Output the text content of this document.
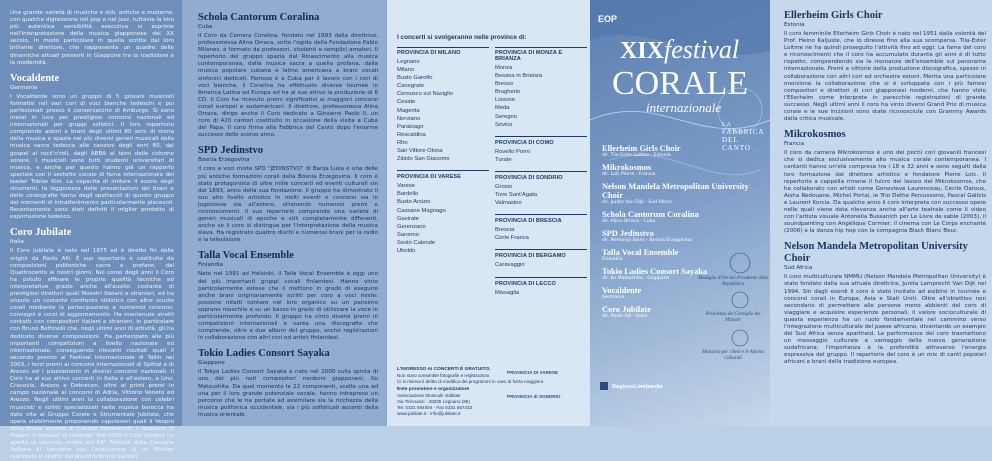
Una grande varietà di musiche e stili, antiche e moderne, con qualche digressione nel pop e nel jazz, tuttavia la loro più autentica sensibilità esecutiva si esprime nell'interpretazione della musica giapponese del XX secolo, in modo particolare in quella scritta dal loro brillante direttore, che rappresenta un quadro delle dinamiche attuali presenti in Giappone tra la tradizione e la modernità.

Vocaldente
Germania

I Vocaldente sono un gruppo di 5 giovani musicisti formatisi nel vari cori di voci bianche tedeschi e poi perfezionati presso il conservatorio di Amburgo. Si sono messi in luce per prestigiosi concorsi nazionali ed internazionali per gruppi solistici. Il loro repertorio comprende autori e brani degli ultimi 80 anni di storia della musica e spazia nei più diversi generi musicali dalla musica sacra tedesca alle canzoni degli anni 80, dal gospel al rock'n'roll, dagli ABBA ai temi delle colonne sonore. I musicisti sono tutti studenti universitari di musica, e anche per questo hanno già un rapporto speciale con il sestetto vocale di fama internazionale dei leader Tobias Kiel. La capacità di imitare il suono degli strumenti, la leggerezza delle presentazioni dei brani e delle coreografie fanno degli spettacoli di questo gruppo dei momenti di intrattenimento particolarmente piacevoli. Recentemente sono stati definiti il miglior prodotto di esportazione tedesco.

Coro Jubilate
Italia

Il Coro Jubilate è nato nel 1975 ed è diretto fin dalle origini da Paolo Alli. È suo repertorio è costituito da composizioni polifoniche sacre e profane, dal Quattrocento ai nostri giorni. Nel corso degli anni il Coro ha potuto affinare le proprie qualità tecniche ed interpretative grazie anche all'ausilio costante di prestigiosi direttori quali Maestri italiani e stranieri, ed ha vissuto un costante confronto stilistico con altre scuole corali mediante la partecipazione a numerosi concorsi, convegni e corsi di aggiornamento. Ha mantenuto stretti contatti con compositori italiani e stranieri, in particolare con Bruno Bettinelli che, negli ultimi anni di attività, gli ha dedicato diverse composizioni. Ha partecipato alle più importanti competizioni a livello nazionale ed internazionale, conseguendo rilevanti risultati quali il secondo premio al Festival Internazionale di Tallin nel 2003, i terzi premi ai concorsi internazionali di Spittal e di Arezzo ed i piazzamenti in diversi concorsi nazionali. Il Coro ha al suo attivo concerti in Italia e all'estero, a Linz, Cracovia, Arezzo e Debrecen, oltre ai primi premi in campo nazionale ai concorsi di Adria, Vittorio Veneto ed Arezzo. Negli ultimi anni la collaborazione con celebri musicisti e solisti specializzati nella musica barocca ha dato vita al Gruppo Corale e Strumentale Jubilate, che opera stabilmente proponendo capolavori quali il Vespro della Beata Vergine di Claudio Monteverdi, il Requiem di Mozart, il Messiah di Haendel. Nel 2009 il Coro Jubilate ha aperto la seconda serata del 59° Festival della Canzone Italiana di Sanremo con l'esecuzione di un Medley realizzato e diretto dal Maestro Bruno Santori.

Schola Cantorum Coralina
Cuba

Il Coro da Camera Coralina, fondato nel 1993 dalla direttrice, professoressa Alina Orraca, sotto l'egida della Fondazione Pablo Milanes, è formato da professori, studenti e semplici amatori. Il repertorio del gruppo spazia dal Rinascimento alla musica contemporanea, dalla musica sacra a quella profana, dalla musica popolare cubana e latino americana a brani vocali sinfonici dedicati. Famoso è a Cuba per il lavoro con i cori di voci bianche, il Coralina ha effettuato diverse tournée in America Latina ed Europa ed ha al suo attivo la produzione di 6 CD. Il Coro ha ricevuto premi significativi ai maggiori concorsi corali europei e sudamericani. Il direttore, professoressa Alina Orraca, dirige anche il Coro dedicato a Giovanni Paolo II, un coro di 420 cantori costituito in occasione della visita a Cuba del Papa. Il coro firma alla Fabbrica del Canto dopo l'enorme successo dello scorso anno.

SPD Jedinstvo
Bosnia Erzegovina

Il coro a voci miste SPD "JEDINSTVO" di Banja Luka è una delle più antiche formazioni corali della Bosnia Erzegovina. Il coro è stato protagonista di oltre mille concerti ed eventi culturali sin dal 1893, anno della sua fondazione. Il gruppo ha dimostrato il suo alto livello artistico in molti eventi e concorsi sia in Jugoslavia sia all'estero, ottenendo numerosi premi e riconoscimenti. Il suo repertorio comprende una varietà di generi musicali di epoche e stili completamente differenti, anche se il coro si distingue per l'interpretazione della musica slava. Ha registrato quattro dischi e numerosi brani per la radio e la televisione.

Talla Vocal Ensemble
Finlandia

Nato nel 1991 ad Helsinki, il Talla Vocal Ensemble è oggi uno dei più importanti gruppi vocali finlandesi. Hanno vinto particolarmente estese che li mettono in grado di eseguire anche brani originariamente scritti per coro a voci miste: possono infatti contare nel loro organico su un parisimo soprano maschile e su un basso in grado di utilizzare la voce in particolarmente profondo. Il gruppo ha vinto diversi premi in competizioni internazionali e vanta una discografia che comprende, oltre a due album del gruppo, anche registrazioni in collaborazione con altri cori ed artisti finlandesi.

Tokio Ladies Consort Sayaka
Giappone

Il Tokyo Ladies Consort Sayaka è nato nel 2000 sulla spinta di uno dei più noti compositori moderni giapponesi, Ko Matsushita. Da quel momento le 22 componenti, scelte una ad una per il loro grande potenziale vocale, hanno intrapreso un percorso che le ha portate ad assimilare sia la ricchezza della musica polifonica occidentale, sia i più sofisticati accenti della musica orientale.

I concerti si svolgeranno nelle province di:
PROVINCIA DI MILANO
Legnano
Milano
Busto Garolfo
Canegrate
Cernusco sul Naviglio
Cesate
Magenta
Nerviano
Parabiago
Rescaldina
Rho
San Vittore Olona
Zibido San Giacomo
PROVINCIA DI VARESE
Varese
Bardello
Busto Arsizio
Cassano Magnago
Gavirate
Gerenzano
Saronno
Sesto Calende
Uboldo
PROVINCIA DI MONZA E BRIANZA
Monza
Besana in Brianza
Bresso
Brugherio
Lissone
Meda
Seregno
Sovico
PROVINCIA DI COMO
Rovello Porro
Turate
PROVINCIA DI SONDRIO
Grosio
Tovo Sant'Agata
Valmasino
PROVINCIA DI BRESCIA
Brescia
Corte Franca
PROVINCIA DI BERGAMO
Caravaggio
PROVINCIA DI LECCO
Missaglia
L'INGRESSO AI CONCERTI È GRATUITO.
Non sono consentite fotografie e registrazioni.
Ci si riserva il diritto di modifica dei programmi in caso di forza maggiore.
Ente promotore e organizzatore
Associazione Musicale Jubilate
Via Tirinnanzi - 20025 Legnano (MI)
Tel. 0331 594504 - Fax 0331 597433
www.jubilate.it - info@jubilate.it
PROVINCIA DI VARESE
PROVINCIA di SONDRIO
EOP
XIX festival
CORALE
internazionale
LA
FABBRICA
DEL
CANTO
Ellerheim Girls Choir
dir. Tiia-Ester Loitme - Estonia
Mikrokosmos
dir. Loïc Pierre - Francia
Nelson Mandela Metropolitan University Choir
dir. Junita Van Dijk - Sud Africa
Schola Cantorum Coralina
dir. Alina Orraca - Cuba
SPD Jedinstvo
dir. Nemanja Savic - Bosnia Erzegovina
Talla Vocal Ensemble
Finlandia
Tokio Ladies Consort Sayaka
dir. Ko Matsushita - Giappone
Vocaldente
Germania
Coro Jubilate
dir. Paolo Alli - Italia
Medaglia d'Oro del Presidente della Repubblica
Presidenza del Consiglio dei Ministri
Ministero per i Beni e le Attività Culturali
RegioneLombardia
Ellerheim Girls Choir
Estonia

Il coro femminile Ellerheim Girls Choir è nato nel 1951 dalla volontà del Prof. Heino Kaljuste, che lo diresse fino alla sua scomparsa. Tiia-Ester Loitme ne ha quindi proseguito l'attività fino ad oggi. La fama del coro e riconoscimenti che il coro ha accumulato durante gli anni è di tutto rispetto, comprendendo sia la risonanza dell'ensemble sul panorama internazionale. Premi e vittorie della produzione discografica, spesso in collaborazione con altri cori ed orchestre estoni. Merita una particolare menzione la collaborazione che si è sviluppata con i più famosi compositori e direttori di cori giapponesi moderni, che hanno visto l'Ellerheim come interprete in parecchie registrazioni di grande successo. Negli ultimi anni il coro ha vinto diversi Grand Prix di musica corale e le sue incisioni sono state riconosciute con Grammy Awards dalla critica musicale.

Mikrokosmos
Francia

Il coro da camera Mikrokosmos è uno dei pochi cori giovanili francesi che si dedica esclusivamente alla musica corale contemporanea. I cantanti hanno un'età compresa tra i 18 e 32 anni e sono seguiti dalla loro formazione dal direttore artistico e fondatore Pierre Loïc. Il repertorio a cappella rimane il fulcro del lavoro del Mikrokosmos, che ha collaborato con artisti come Genevieve Laurenceau, Cecile Daroux, Aisha Redouane, Michel Portal, le Trio Dethe Percussions, Pascal Gallois e Laurent Korcia. Da qualche anno il coro interpreta con successo opere nelle quali viene data rilevanza anche all'arte teatrale come il video con l'artista visuale Antonella Bussanich per Le Livre de sable (2003), il soundpainting con Angélique Cormier, il cinema con Le Corps enchanté (2006) e la danza hip hop con la compagnia Black Blanc Beur.

Nelson Mandela Metropolitan University Choir
Sud Africa

Il coro multiculturale NMMU (Nelson Mandela Metropolitan University) è stato fondato dalla sua attuale direttrice, Junita Lamprecht Van Dijk nel 1994. Sin dagli esordi il coro è stato invitato ad esibirsi in tournée e concorsi corali in Europa, Asia e Stati Uniti. Oltre all'obiettivo non secondario di permettere alle persone meno abbienti del coro di viaggiare e acquisire esperienze personali, il valore socioculturale di questa esperienza ha un ruolo fondamentale nel cammino verso l'integrazione multiculturale del paese africano, diventando un esempio del Sud Africa senza apartheid. Le performance del coro trasmettono un messaggio culturale a vantaggio della nuova generazione sudafricana: l'importanza e la profondità attraverso l'energia espressiva del gruppo. Il repertorio del coro è un mix di canti popolari africani e brani della tradizione europea.
